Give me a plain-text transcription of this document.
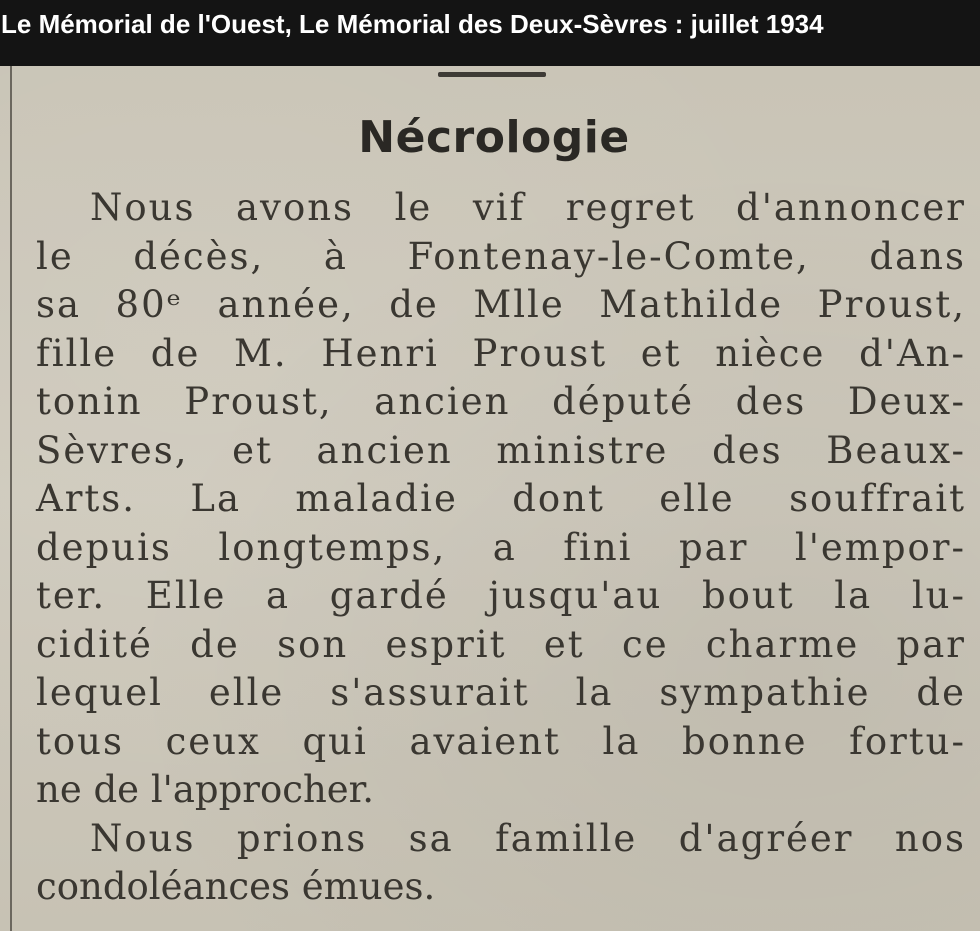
Le Mémorial de l'Ouest, Le Mémorial des Deux-Sèvres : juillet 1934
Nécrologie
Nous avons le vif regret d'annoncer
le décès, à Fontenay-le-Comte, dans
sa 80ᵉ année, de Mlle Mathilde Proust,
fille de M. Henri Proust et nièce d'An-
tonin Proust, ancien député des Deux-
Sèvres, et ancien ministre des Beaux-
Arts. La maladie dont elle souffrait
depuis longtemps, a fini par l'empor-
ter. Elle a gardé jusqu'au bout la lu-
cidité de son esprit et ce charme par
lequel elle s'assurait la sympathie de
tous ceux qui avaient la bonne fortu-
ne de l'approcher.
Nous prions sa famille d'agréer nos
condoléances émues.
